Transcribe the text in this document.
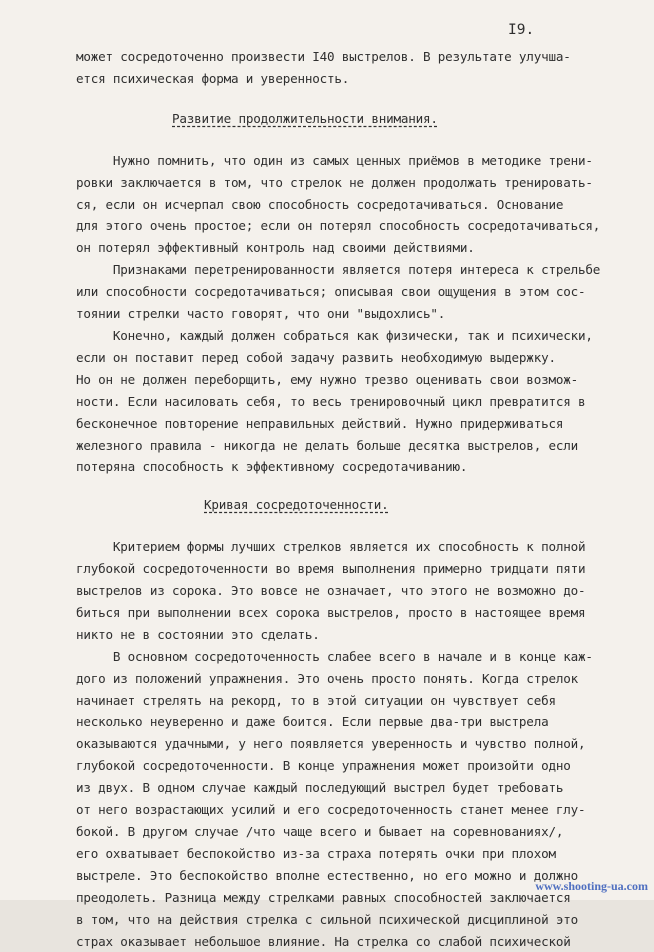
I9.
может сосредоточенно произвести I40 выстрелов. В результате улучша-
ется психическая форма и уверенность.
Развитие продолжительности внимания.
Нужно помнить, что один из самых ценных приёмов в методике трени-
ровки заключается в том, что стрелок не должен продолжать тренировать-
ся, если он исчерпал свою способность сосредотачиваться. Основание
для этого очень простое; если он потерял способность сосредотачиваться,
он потерял эффективный контроль над своими действиями.
Признаками перетренированности является потеря интереса к стрельбе
или способности сосредотачиваться; описывая свои ощущения в этом сос-
тоянии стрелки часто говорят, что они "выдохлись".
Конечно, каждый должен собраться как физически, так и психически,
если он поставит перед собой задачу развить необходимую выдержку.
Но он не должен переборщить, ему нужно трезво оценивать свои возмож-
ности. Если насиловать себя, то весь тренировочный цикл превратится в
бесконечное повторение неправильных действий. Нужно придерживаться
железного правила - никогда не делать больше десятка выстрелов, если
потеряна способность к эффективному сосредотачиванию.
Кривая сосредоточенности.
Критерием формы лучших стрелков является их способность к полной
глубокой сосредоточенности во время выполнения примерно тридцати пяти
выстрелов из сорока. Это вовсе не означает, что этого не возможно до-
биться при выполнении всех сорока выстрелов, просто в настоящее время
никто не в состоянии это сделать.
В основном сосредоточенность слабее всего в начале и в конце каж-
дого из положений упражнения. Это очень просто понять. Когда стрелок
начинает стрелять на рекорд, то в этой ситуации он чувствует себя
несколько неуверенно и даже боится. Если первые два-три выстрела
оказываются удачными, у него появляется уверенность и чувство полной,
глубокой сосредоточенности. В конце упражнения может произойти одно
из двух. В одном случае каждый последующий выстрел будет требовать
от него возрастающих усилий и его сосредоточенность станет менее глу-
бокой. В другом случае /что чаще всего и бывает на соревнованиях/,
его охватывает беспокойство из-за страха потерять очки при плохом
выстреле. Это беспокойство вполне естественно, но его можно и должно
преодолеть. Разница между стрелками равных способностей заключается
в том, что на действия стрелка с сильной психической дисциплиной это
страх оказывает небольшое влияние. На стрелка со слабой психической
www.shooting-ua.com
